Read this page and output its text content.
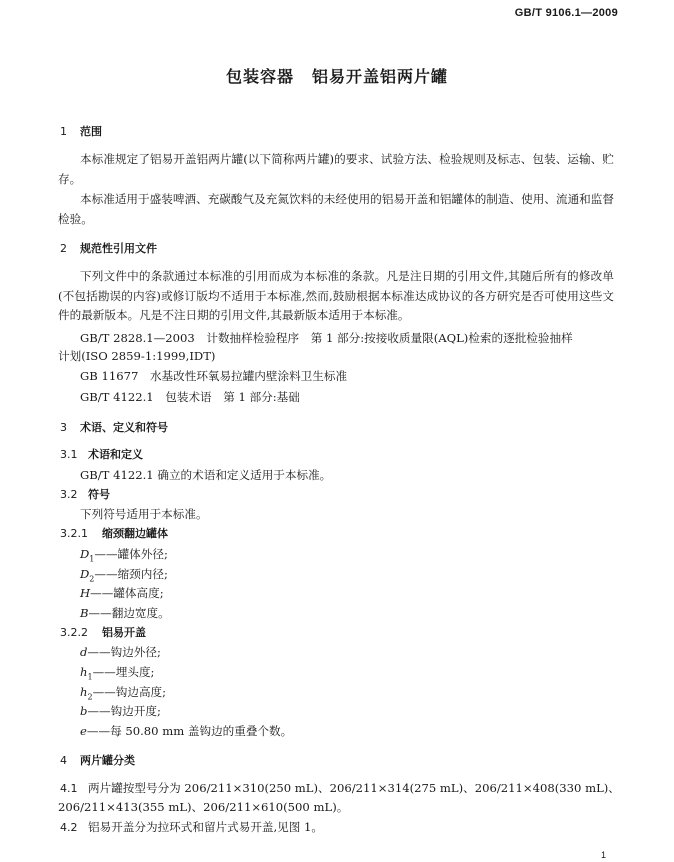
GB/T 9106.1—2009
包装容器 铝易开盖铝两片罐
1 范围
本标准规定了铝易开盖铝两片罐(以下简称两片罐)的要求、试验方法、检验规则及标志、包装、运输、贮存。
本标准适用于盛装啤酒、充碳酸气及充氮饮料的未经使用的铝易开盖和铝罐体的制造、使用、流通和监督检验。
2 规范性引用文件
下列文件中的条款通过本标准的引用而成为本标准的条款。凡是注日期的引用文件,其随后所有的修改单(不包括勘误的内容)或修订版均不适用于本标准,然而,鼓励根据本标准达成协议的各方研究是否可使用这些文件的最新版本。凡是不注日期的引用文件,其最新版本适用于本标准。
GB/T 2828.1—2003　计数抽样检验程序　第 1 部分:按接收质量限(AQL)检索的逐批检验抽样
计划(ISO 2859-1:1999,IDT)
GB 11677　水基改性环氧易拉罐内壁涂料卫生标准
GB/T 4122.1　包装术语　第 1 部分:基础
3 术语、定义和符号
3.1 术语和定义
GB/T 4122.1 确立的术语和定义适用于本标准。
3.2 符号
下列符号适用于本标准。
3.2.1 缩颈翻边罐体
$D_1——$罐体外径;
$D_2——$缩颈内径;
H——罐体高度;
B——翻边宽度。
3.2.2 铝易开盖
d——钩边外径;
$h_1——$埋头度;
$h_2——$钩边高度;
b——钩边开度;
e——每 50.80 mm 盖钩边的重叠个数。
4 两片罐分类
4.1 两片罐按型号分为 206/211×310(250 mL)、206/211×314(275 mL)、206/211×408(330 mL)、
206/211×413(355 mL)、206/211×610(500 mL)。
4.2 铝易开盖分为拉环式和留片式易开盖,见图 1。
1
